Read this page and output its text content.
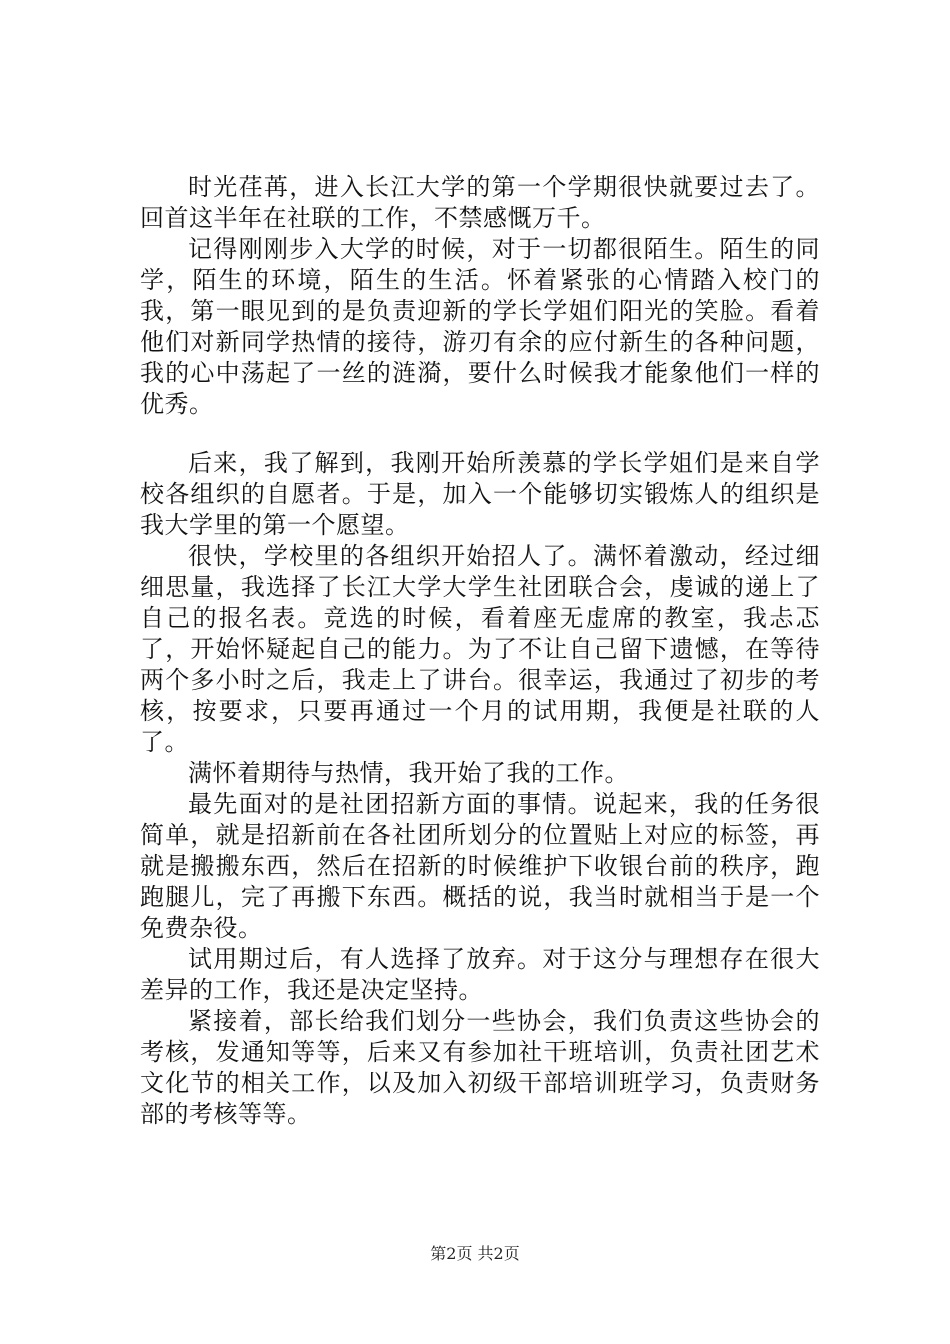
时光荏苒，进入长江大学的第一个学期很快就要过去了。回首这半年在社联的工作，不禁感慨万千。

记得刚刚步入大学的时候，对于一切都很陌生。陌生的同学，陌生的环境，陌生的生活。怀着紧张的心情踏入校门的我，第一眼见到的是负责迎新的学长学姐们阳光的笑脸。看着他们对新同学热情的接待，游刃有余的应付新生的各种问题，我的心中荡起了一丝的涟漪，要什么时候我才能象他们一样的优秀。

后来，我了解到，我刚开始所羡慕的学长学姐们是来自学校各组织的自愿者。于是，加入一个能够切实锻炼人的组织是我大学里的第一个愿望。

很快，学校里的各组织开始招人了。满怀着激动，经过细细思量，我选择了长江大学大学生社团联合会，虔诚的递上了自己的报名表。竞选的时候，看着座无虚席的教室，我忐忑了，开始怀疑起自己的能力。为了不让自己留下遗憾，在等待两个多小时之后，我走上了讲台。很幸运，我通过了初步的考核，按要求，只要再通过一个月的试用期，我便是社联的人了。

满怀着期待与热情，我开始了我的工作。

最先面对的是社团招新方面的事情。说起来，我的任务很简单，就是招新前在各社团所划分的位置贴上对应的标签，再就是搬搬东西，然后在招新的时候维护下收银台前的秩序，跑跑腿儿，完了再搬下东西。概括的说，我当时就相当于是一个免费杂役。

试用期过后，有人选择了放弃。对于这分与理想存在很大差异的工作，我还是决定坚持。

紧接着，部长给我们划分一些协会，我们负责这些协会的考核，发通知等等，后来又有参加社干班培训，负责社团艺术文化节的相关工作，以及加入初级干部培训班学习，负责财务部的考核等等。

第2页 共2页
